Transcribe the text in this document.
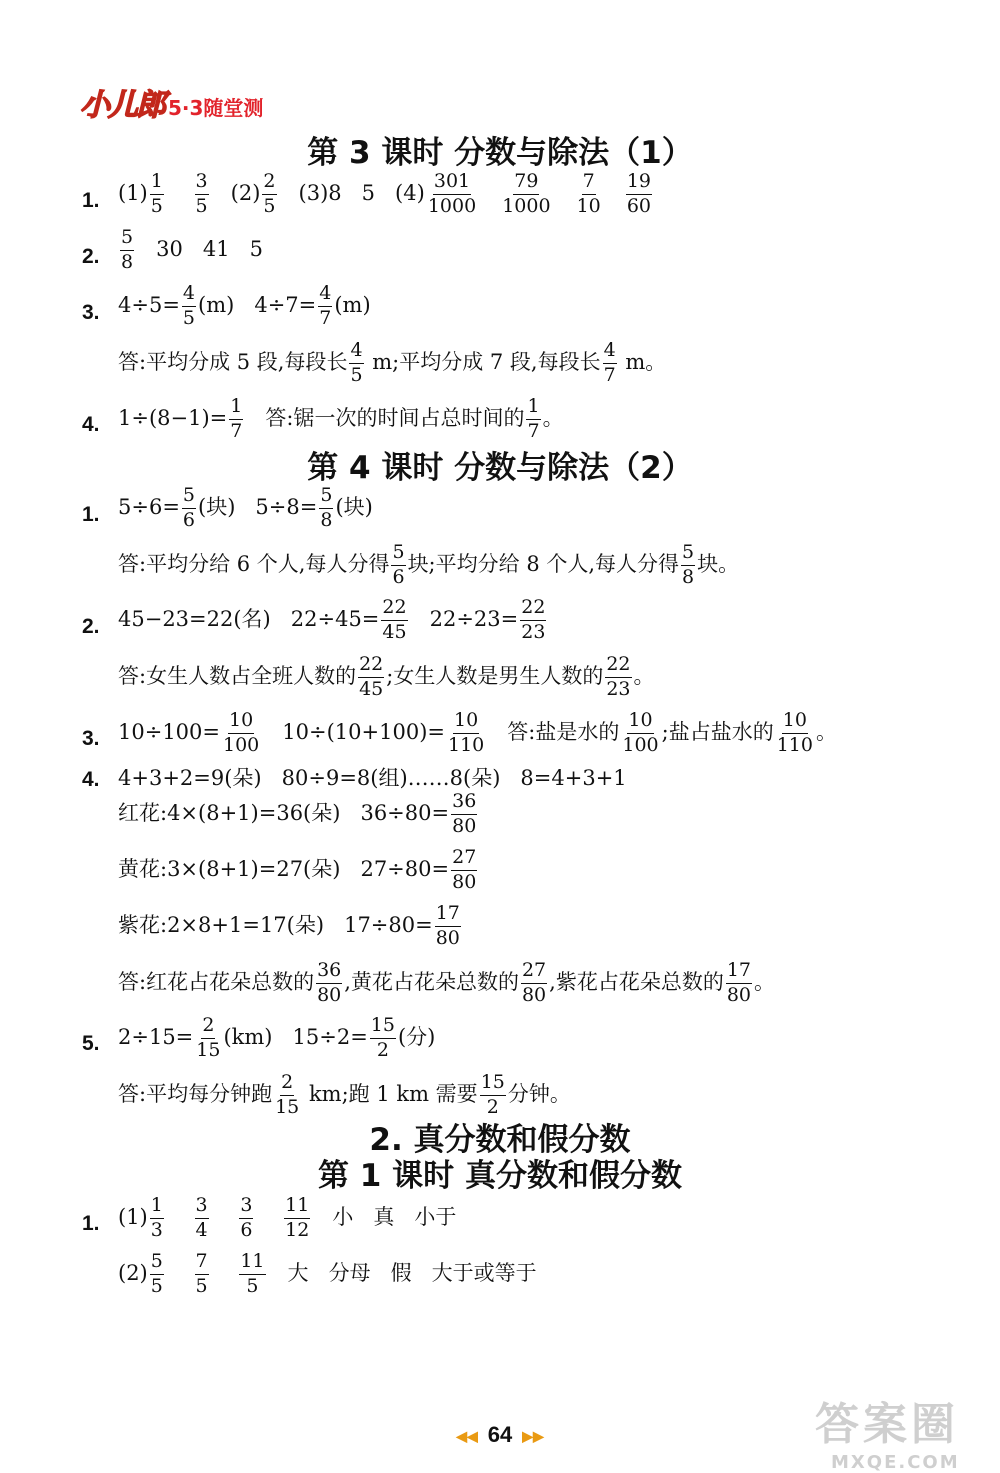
小儿郎 5·3随堂测
第 3 课时 分数与除法（1）
1. $(1) \frac{1}{5}$
$\frac{3}{5} (2) \frac{2}{5} (3)8$   5   $(4) \frac{301}{1000}$
$\frac{79}{1000}$
$\frac{7}{10}$
$\frac{19}{60}$
2. $\frac{5}{8} 30$   41   5
3. $4\div 5= \frac{4}{5} (m)$   $4\div 7= \frac{4}{7} (m)$
答:平均分成 5 段,每段长 $\frac{4}{5} m$;平均分成 7 段,每段长 $\frac{4}{7}$ m。
4. $1\div(8-1)= \frac{1}{7}$ 答:锯一次的时间占总时间的 $\frac{1}{7}$ 。
第 4 课时 分数与除法（2）
1. $5\div 6= \frac{5}{6}$ (块)   $5\div 8= \frac{5}{8}$ (块)
答:平均分给 6 个人,每人分得 $\frac{5}{6}$ 块;平均分给 8 个人,每人分得 $\frac{5}{8}$ 块。
2. 45−23=22(名)   $22\div 45= \frac{22}{45} 22\div 23= \frac{22}{23}$
答:女生人数占全班人数的 $\frac{22}{45}$ ;女生人数是男生人数的 $\frac{22}{23}$ 。
3. $10\div 100= \frac{10}{100} 10\div(10+100)= \frac{10}{110}$ 答:盐是水的 $\frac{10}{100}$ ;盐占盐水的 $\frac{10}{110}$ 。
4. 4+3+2=9(朵)   80÷9=8(组)……8(朵)   8=4+3+1
红花:4×(8+1)=36(朵)   $36\div 80= \frac{36}{80}$
黄花:3×(8+1)=27(朵)   $27\div 80= \frac{27}{80}$
紫花:2×8+1=17(朵)   $17\div 80= \frac{17}{80}$
答:红花占花朵总数的 $\frac{36}{80}$ ,黄花占花朵总数的 $\frac{27}{80}$ ,紫花占花朵总数的 $\frac{17}{80}$ 。
5. $2\div 15= \frac{2}{15} (km)$   $15\div 2= \frac{15}{2}$ (分)
答:平均每分钟跑 $\frac{2}{15}$ km;跑 1 km 需要 $\frac{15}{2}$ 分钟。
2. 真分数和假分数
第 1 课时 真分数和假分数
1. $(1) \frac{1}{3}$
$\frac{3}{4}$
$\frac{3}{6}$
$\frac{11}{12}$ 小   真   小于
$(2) \frac{5}{5}$
$\frac{7}{5}$
$\frac{11}{5}$ 大   分母   假   大于或等于
◀◀ 64 ▶▶	答案圈
MXQE.COM
